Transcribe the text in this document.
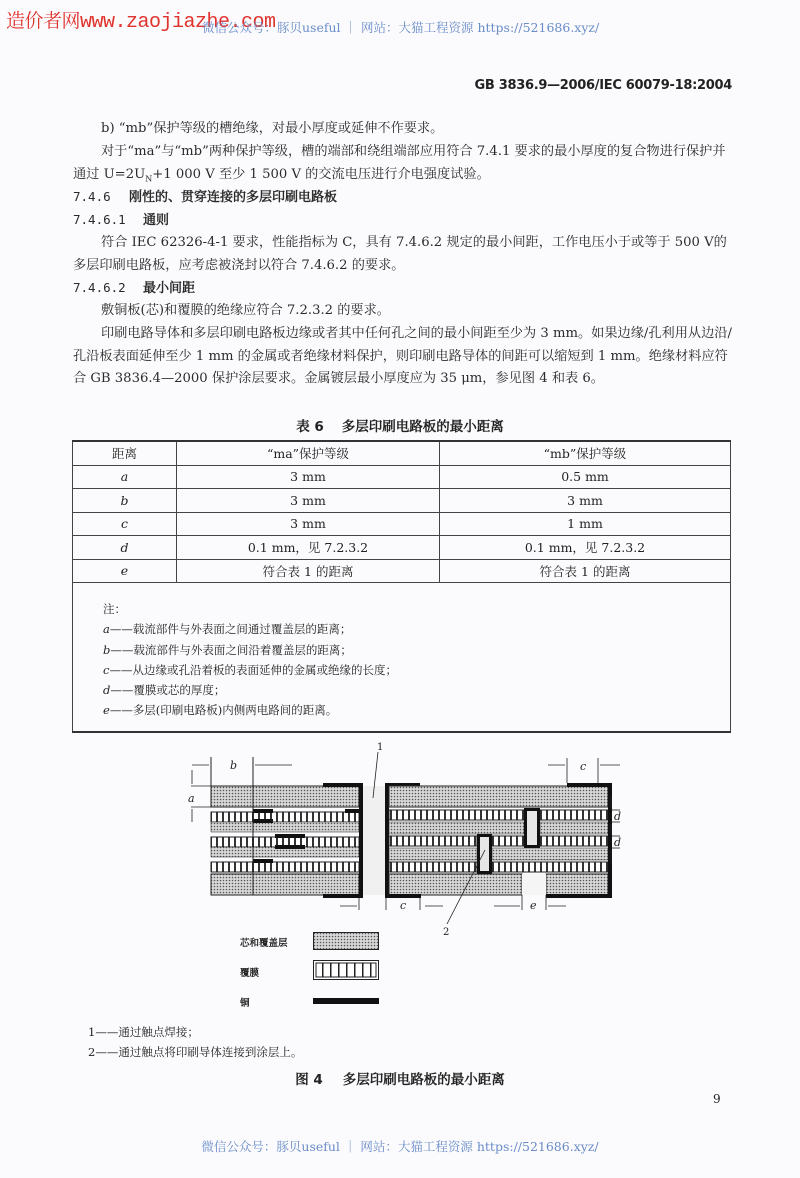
造价者网www.zaojiazhe.com
微信公众号：豚贝useful ｜ 网站：大猫工程资源 https://521686.xyz/
GB 3836.9—2006/IEC 60079-18:2004
b) “mb”保护等级的槽绝缘，对最小厚度或延伸不作要求。
对于“ma”与“mb”两种保护等级，槽的端部和绕组端部应用符合 7.4.1 要求的最小厚度的复合物进行保护并通过 $U=2U_N+1$ 000 V 至少 1 500 V 的交流电压进行介电强度试验。
7.4.6 刚性的、贯穿连接的多层印刷电路板
7.4.6.1 通则
符合 IEC 62326-4-1 要求，性能指标为 C，具有 7.4.6.2 规定的最小间距，工作电压小于或等于 500 V的多层印刷电路板，应考虑被浇封以符合 7.4.6.2 的要求。
7.4.6.2 最小间距
敷铜板(芯)和覆膜的绝缘应符合 7.2.3.2 的要求。
印刷电路导体和多层印刷电路板边缘或者其中任何孔之间的最小间距至少为 3 mm。如果边缘/孔利用从边沿/孔沿板表面延伸至少 1 mm 的金属或者绝缘材料保护，则印刷电路导体的间距可以缩短到 1 mm。绝缘材料应符合 GB 3836.4—2000 保护涂层要求。金属镀层最小厚度应为 35 μm，参见图 4 和表 6。
表 6 多层印刷电路板的最小距离
距离	“ma”保护等级	“mb”保护等级
a	3 mm	0.5 mm
b	3 mm	3 mm
c	3 mm	1 mm
d	0.1 mm，见 7.2.3.2	0.1 mm，见 7.2.3.2
e	符合表 1 的距离	符合表 1 的距离

注：
a——载流部件与外表面之间通过覆盖层的距离；
b——载流部件与外表面之间沿着覆盖层的距离；
c——从边缘或孔沿着板的表面延伸的金属或绝缘的长度；
d——覆膜或芯的厚度；
e——多层(印刷电路板)内侧两电路间的距离。
a
b
c
c
e
d
d
1
2
芯和覆盖层
覆膜
铜
1——通过触点焊接；
2——通过触点将印刷导体连接到涂层上。
图 4 多层印刷电路板的最小距离
9
微信公众号：豚贝useful ｜ 网站：大猫工程资源 https://521686.xyz/
